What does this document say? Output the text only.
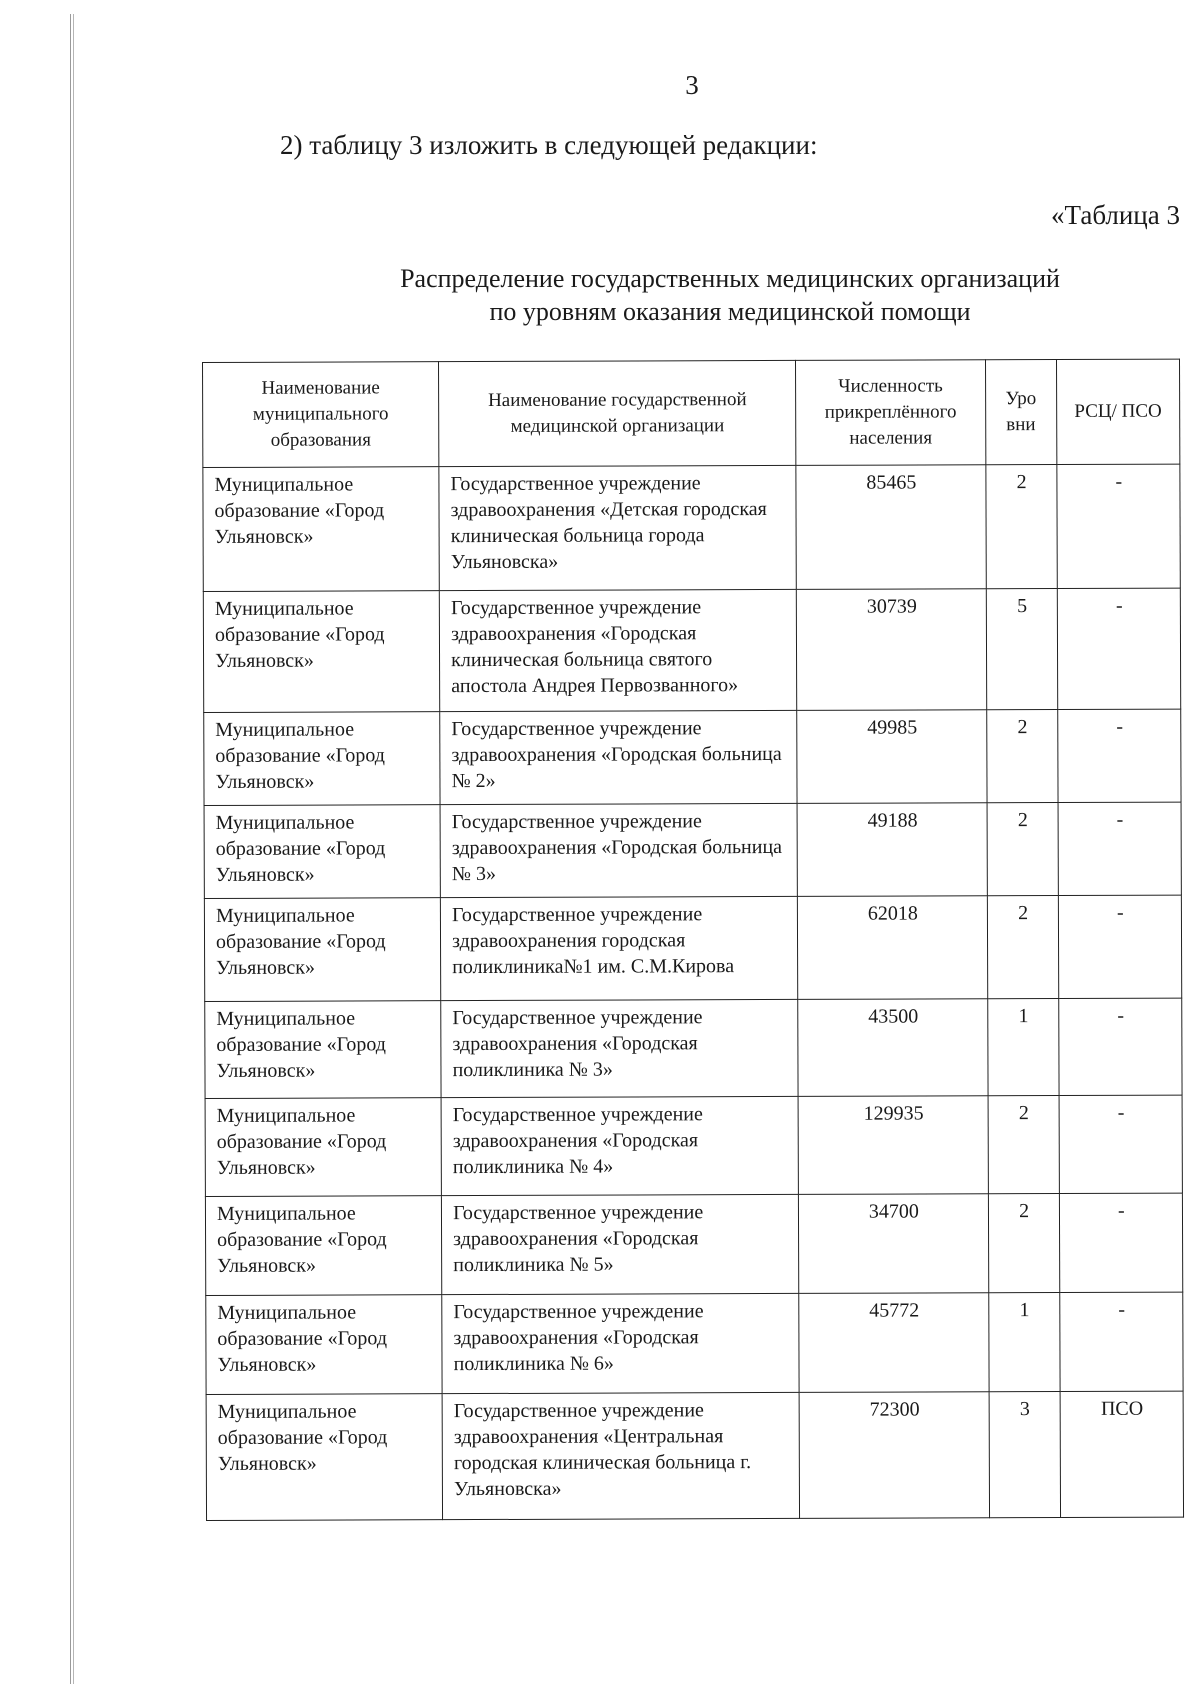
3
2) таблицу 3 изложить в следующей редакции:
«Таблица 3
Распределение государственных медицинских организаций
по уровням оказания медицинской помощи
Наименование муниципального образования	Наименование государственной медицинской организации	Численность прикреплённого населения	Уро вни	РСЦ/ ПСО
Муниципальное образование «Город Ульяновск»	Государственное учреждение здравоохранения «Детская городская клиническая больница города Ульяновска»	85465	2	-
Муниципальное образование «Город Ульяновск»	Государственное учреждение здравоохранения «Городская клиническая больница святого апостола Андрея Первозванного»	30739	5	-
Муниципальное образование «Город Ульяновск»	Государственное учреждение здравоохранения «Городская больница № 2»	49985	2	-
Муниципальное образование «Город Ульяновск»	Государственное учреждение здравоохранения «Городская больница № 3»	49188	2	-
Муниципальное образование «Город Ульяновск»	Государственное учреждение здравоохранения городская поликлиника№1 им. С.М.Кирова	62018	2	-
Муниципальное образование «Город Ульяновск»	Государственное учреждение здравоохранения «Городская поликлиника № 3»	43500	1	-
Муниципальное образование «Город Ульяновск»	Государственное учреждение здравоохранения «Городская поликлиника № 4»	129935	2	-
Муниципальное образование «Город Ульяновск»	Государственное учреждение здравоохранения «Городская поликлиника № 5»	34700	2	-
Муниципальное образование «Город Ульяновск»	Государственное учреждение здравоохранения «Городская поликлиника № 6»	45772	1	-
Муниципальное образование «Город Ульяновск»	Государственное учреждение здравоохранения «Центральная городская клиническая больница г. Ульяновска»	72300	3	ПСО
